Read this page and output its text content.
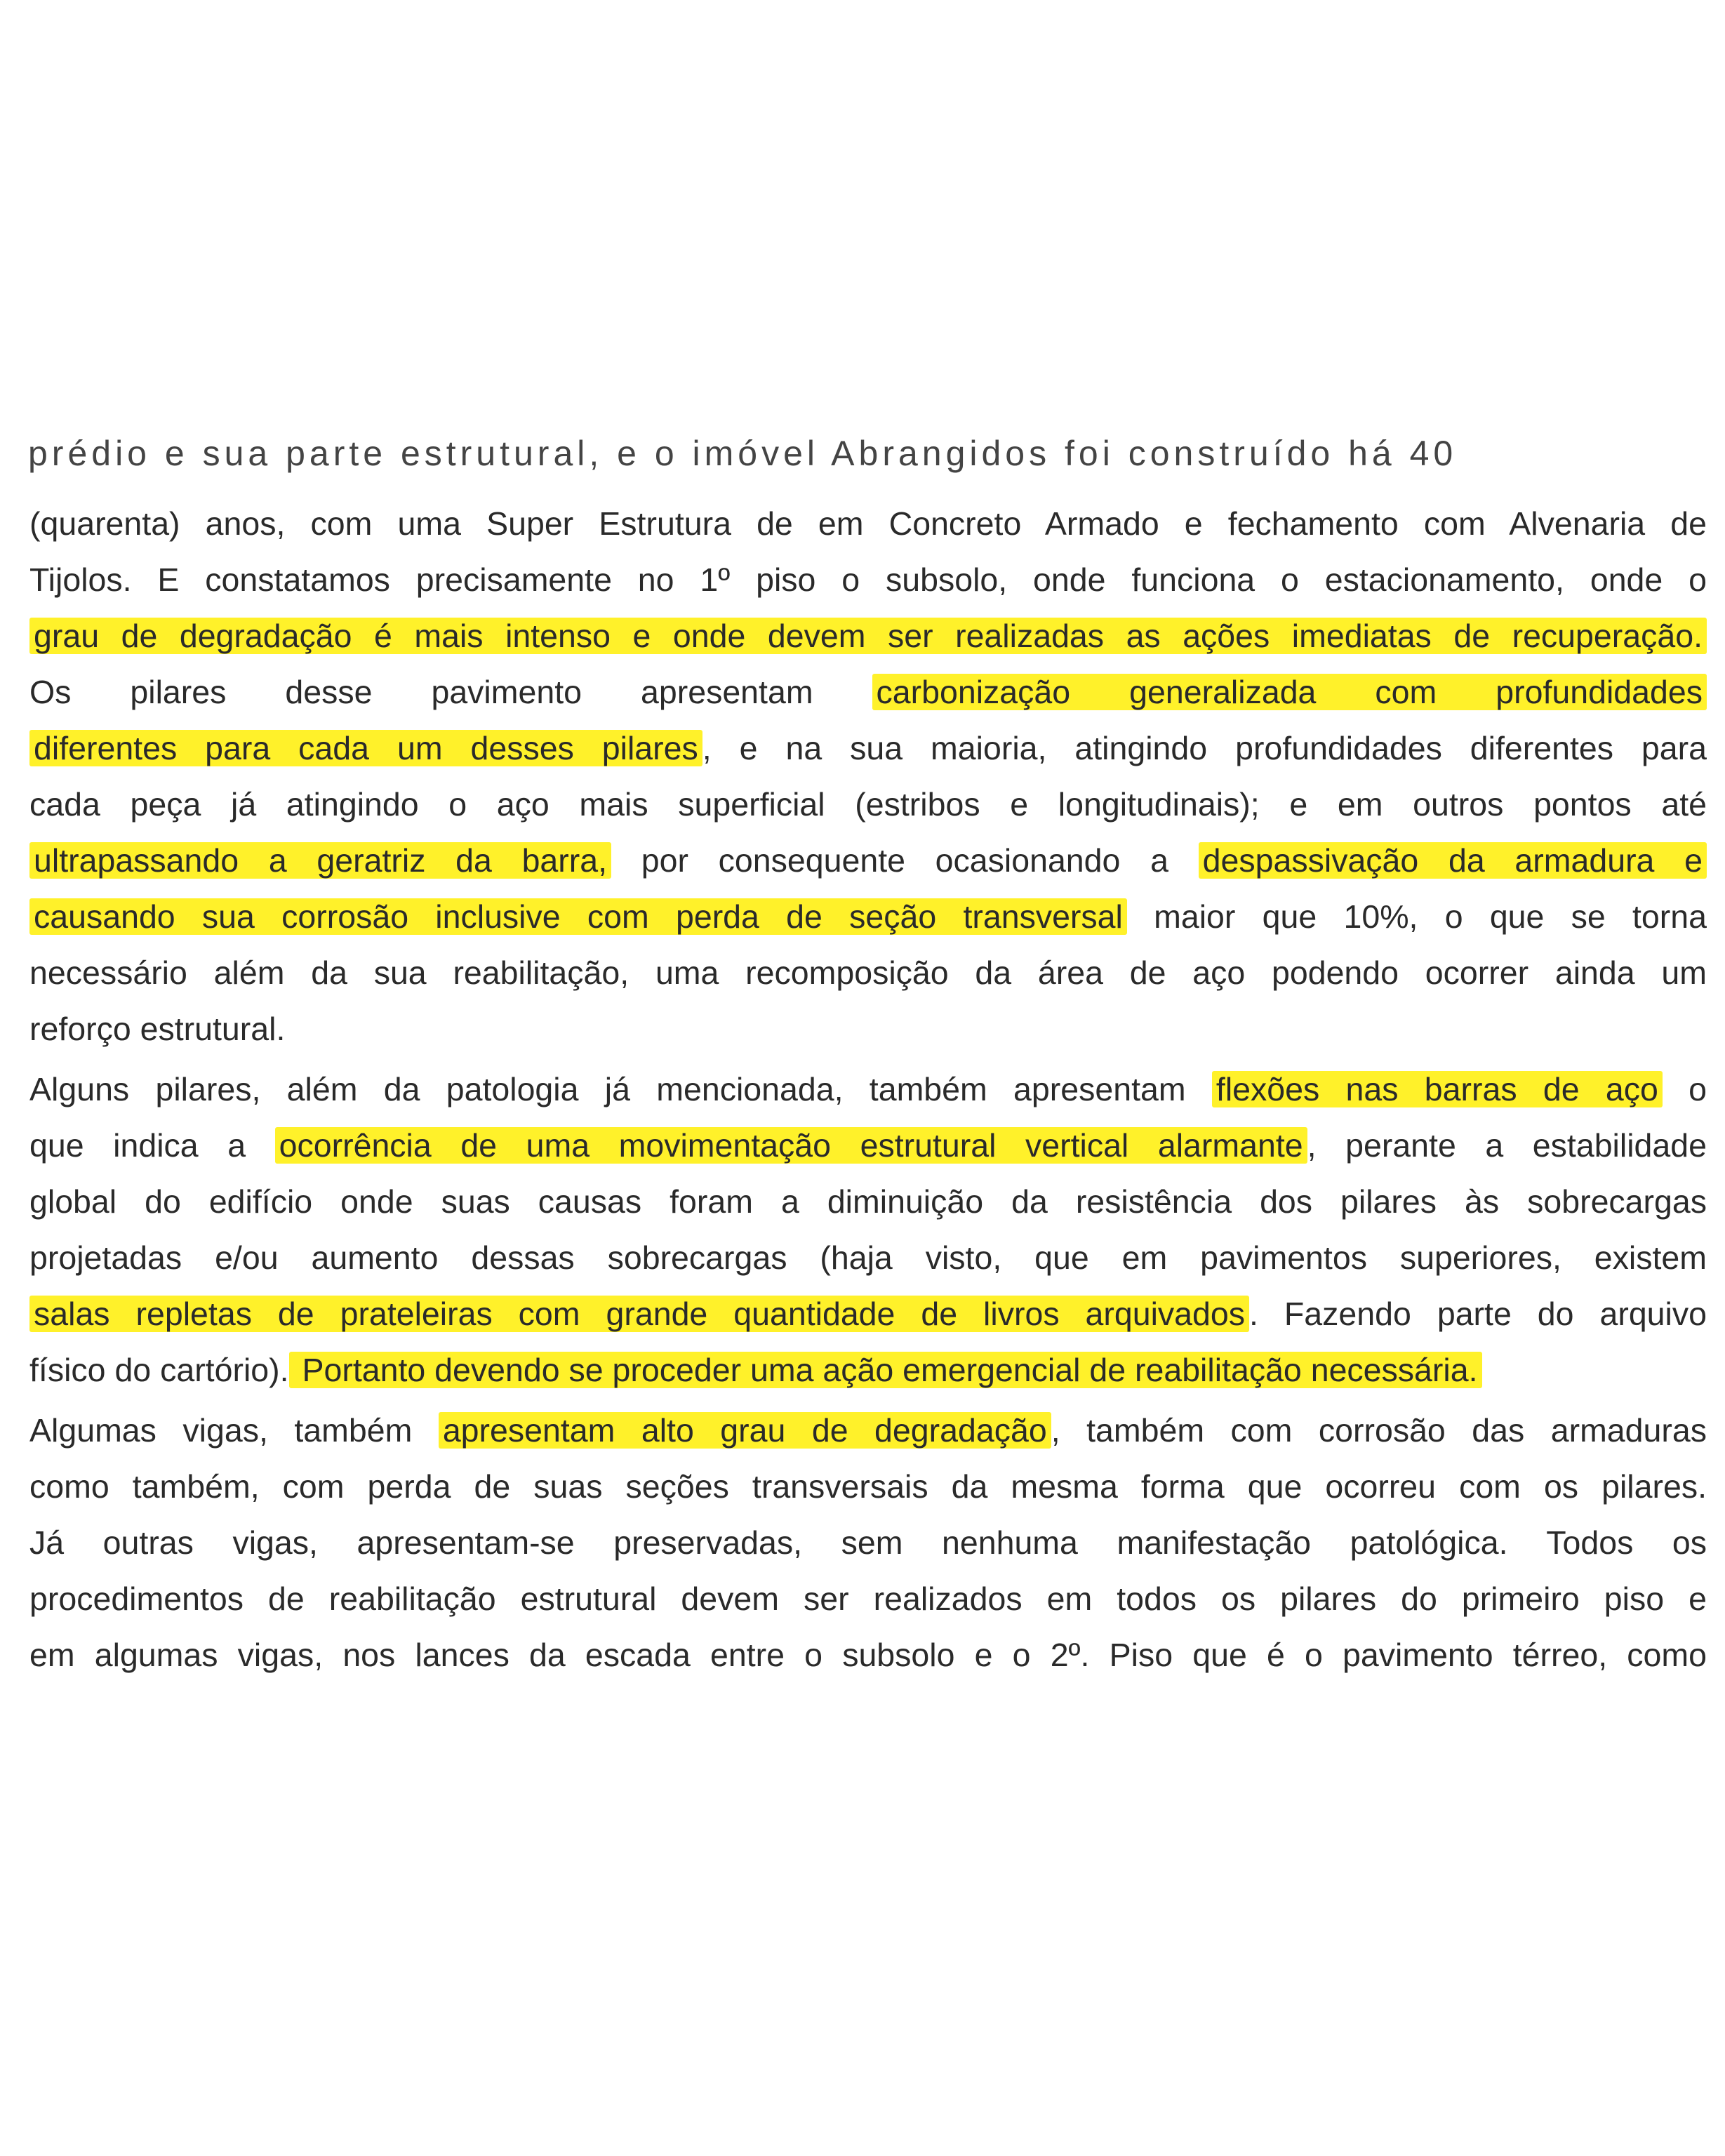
prédio e sua parte estrutural, e o imóvel Abrangidos foi construído há 40
(quarenta) anos, com uma Super Estrutura de em Concreto Armado e fechamento com Alvenaria de
Tijolos. E constatamos precisamente no 1º piso o subsolo, onde funciona o estacionamento, onde o
grau de degradação é mais intenso e onde devem ser realizadas as ações imediatas de recuperação.
Os pilares desse pavimento apresentam carbonização generalizada com profundidades
diferentes para cada um desses pilares , e na sua maioria, atingindo profundidades diferentes para
cada peça já atingindo o aço mais superficial (estribos e longitudinais); e em outros pontos até
ultrapassando a geratriz da barra, por consequente ocasionando a despassivação da armadura e
causando sua corrosão inclusive com perda de seção transversal maior que 10%, o que se torna
necessário além da sua reabilitação, uma recomposição da área de aço podendo ocorrer ainda um
reforço estrutural.
Alguns pilares, além da patologia já mencionada, também apresentam flexões nas barras de aço o
que indica a ocorrência de uma movimentação estrutural vertical alarmante , perante a estabilidade
global do edifício onde suas causas foram a diminuição da resistência dos pilares às sobrecargas
projetadas e/ou aumento dessas sobrecargas (haja visto, que em pavimentos superiores, existem
salas repletas de prateleiras com grande quantidade de livros arquivados . Fazendo parte do arquivo
físico do cartório). Portanto devendo se proceder uma ação emergencial de reabilitação necessária.
Algumas vigas, também apresentam alto grau de degradação , também com corrosão das armaduras
como também, com perda de suas seções transversais da mesma forma que ocorreu com os pilares.
Já outras vigas, apresentam-se preservadas, sem nenhuma manifestação patológica. Todos os
procedimentos de reabilitação estrutural devem ser realizados em todos os pilares do primeiro piso e
em algumas vigas, nos lances da escada entre o subsolo e o 2º. Piso que é o pavimento térreo, como
